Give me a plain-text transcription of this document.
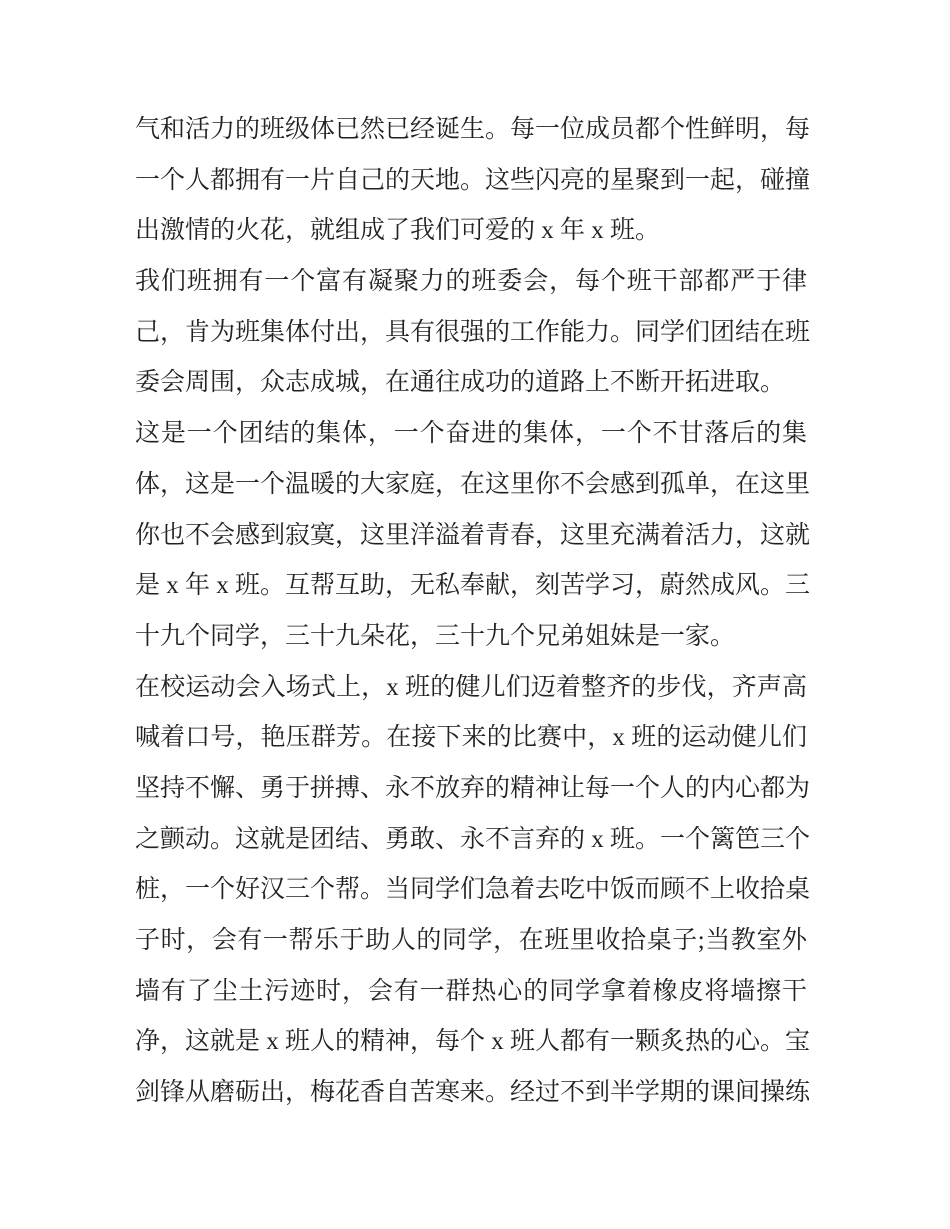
气和活力的班级体已然已经诞生。每一位成员都个性鲜明，每
一个人都拥有一片自己的天地。这些闪亮的星聚到一起，碰撞
出激情的火花，就组成了我们可爱的 x 年 x 班。
我们班拥有一个富有凝聚力的班委会，每个班干部都严于律
己，肯为班集体付出，具有很强的工作能力。同学们团结在班
委会周围，众志成城，在通往成功的道路上不断开拓进取。
这是一个团结的集体，一个奋进的集体，一个不甘落后的集
体，这是一个温暖的大家庭，在这里你不会感到孤单，在这里
你也不会感到寂寞，这里洋溢着青春，这里充满着活力，这就
是 x 年 x 班。互帮互助，无私奉献，刻苦学习，蔚然成风。三
十九个同学，三十九朵花，三十九个兄弟姐妹是一家。
在校运动会入场式上，x 班的健儿们迈着整齐的步伐，齐声高
喊着口号，艳压群芳。在接下来的比赛中，x 班的运动健儿们
坚持不懈、勇于拼搏、永不放弃的精神让每一个人的内心都为
之颤动。这就是团结、勇敢、永不言弃的 x 班。一个篱笆三个
桩，一个好汉三个帮。当同学们急着去吃中饭而顾不上收拾桌
子时，会有一帮乐于助人的同学，在班里收拾桌子;当教室外
墙有了尘土污迹时，会有一群热心的同学拿着橡皮将墙擦干
净，这就是 x 班人的精神，每个 x 班人都有一颗炙热的心。宝
剑锋从磨砺出，梅花香自苦寒来。经过不到半学期的课间操练
